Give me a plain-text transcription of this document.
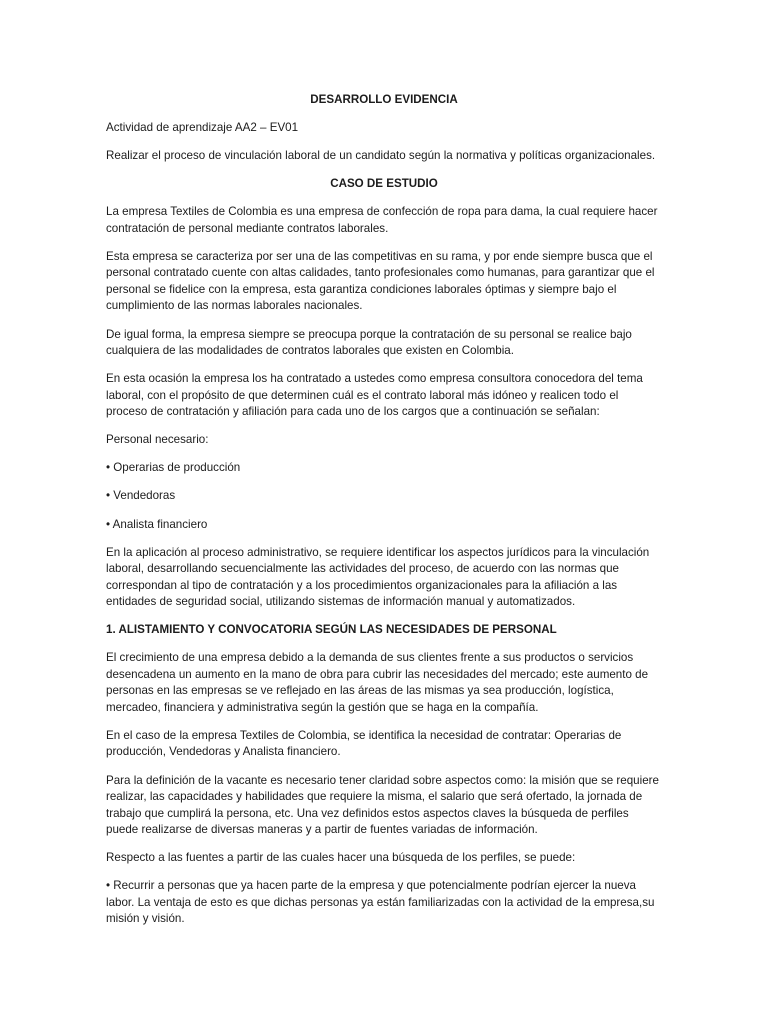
DESARROLLO EVIDENCIA

Actividad de aprendizaje AA2 – EV01

Realizar el proceso de vinculación laboral de un candidato según la normativa y políticas organizacionales.

CASO DE ESTUDIO

La empresa Textiles de Colombia es una empresa de confección de ropa para dama, la cual requiere hacer contratación de personal mediante contratos laborales.

Esta empresa se caracteriza por ser una de las competitivas en su rama, y por ende siempre busca que el personal contratado cuente con altas calidades, tanto profesionales como humanas, para garantizar que el personal se fidelice con la empresa, esta garantiza condiciones laborales óptimas y siempre bajo el cumplimiento de las normas laborales nacionales.

De igual forma, la empresa siempre se preocupa porque la contratación de su personal se realice bajo cualquiera de las modalidades de contratos laborales que existen en Colombia.

En esta ocasión la empresa los ha contratado a ustedes como empresa consultora conocedora del tema laboral, con el propósito de que determinen cuál es el contrato laboral más idóneo y realicen todo el proceso de contratación y afiliación para cada uno de los cargos que a continuación se señalan:

Personal necesario:

• Operarias de producción

• Vendedoras

• Analista financiero

En la aplicación al proceso administrativo, se requiere identificar los aspectos jurídicos para la vinculación laboral, desarrollando secuencialmente las actividades del proceso, de acuerdo con las normas que correspondan al tipo de contratación y a los procedimientos organizacionales para la afiliación a las entidades de seguridad social, utilizando sistemas de información manual y automatizados.

1. ALISTAMIENTO Y CONVOCATORIA SEGÚN LAS NECESIDADES DE PERSONAL

El crecimiento de una empresa debido a la demanda de sus clientes frente a sus productos o servicios desencadena un aumento en la mano de obra para cubrir las necesidades del mercado; este aumento de personas en las empresas se ve reflejado en las áreas de las mismas ya sea producción, logística, mercadeo, financiera y administrativa según la gestión que se haga en la compañía.

En el caso de la empresa Textiles de Colombia, se identifica la necesidad de contratar: Operarias de producción, Vendedoras y Analista financiero.

Para la definición de la vacante es necesario tener claridad sobre aspectos como: la misión que se requiere realizar, las capacidades y habilidades que requiere la misma, el salario que será ofertado, la jornada de trabajo que cumplirá la persona, etc. Una vez definidos estos aspectos claves la búsqueda de perfiles puede realizarse de diversas maneras y a partir de fuentes variadas de información.

Respecto a las fuentes a partir de las cuales hacer una búsqueda de los perfiles, se puede:

• Recurrir a personas que ya hacen parte de la empresa y que potencialmente podrían ejercer la nueva labor. La ventaja de esto es que dichas personas ya están familiarizadas con la actividad de la empresa,su misión y visión.
